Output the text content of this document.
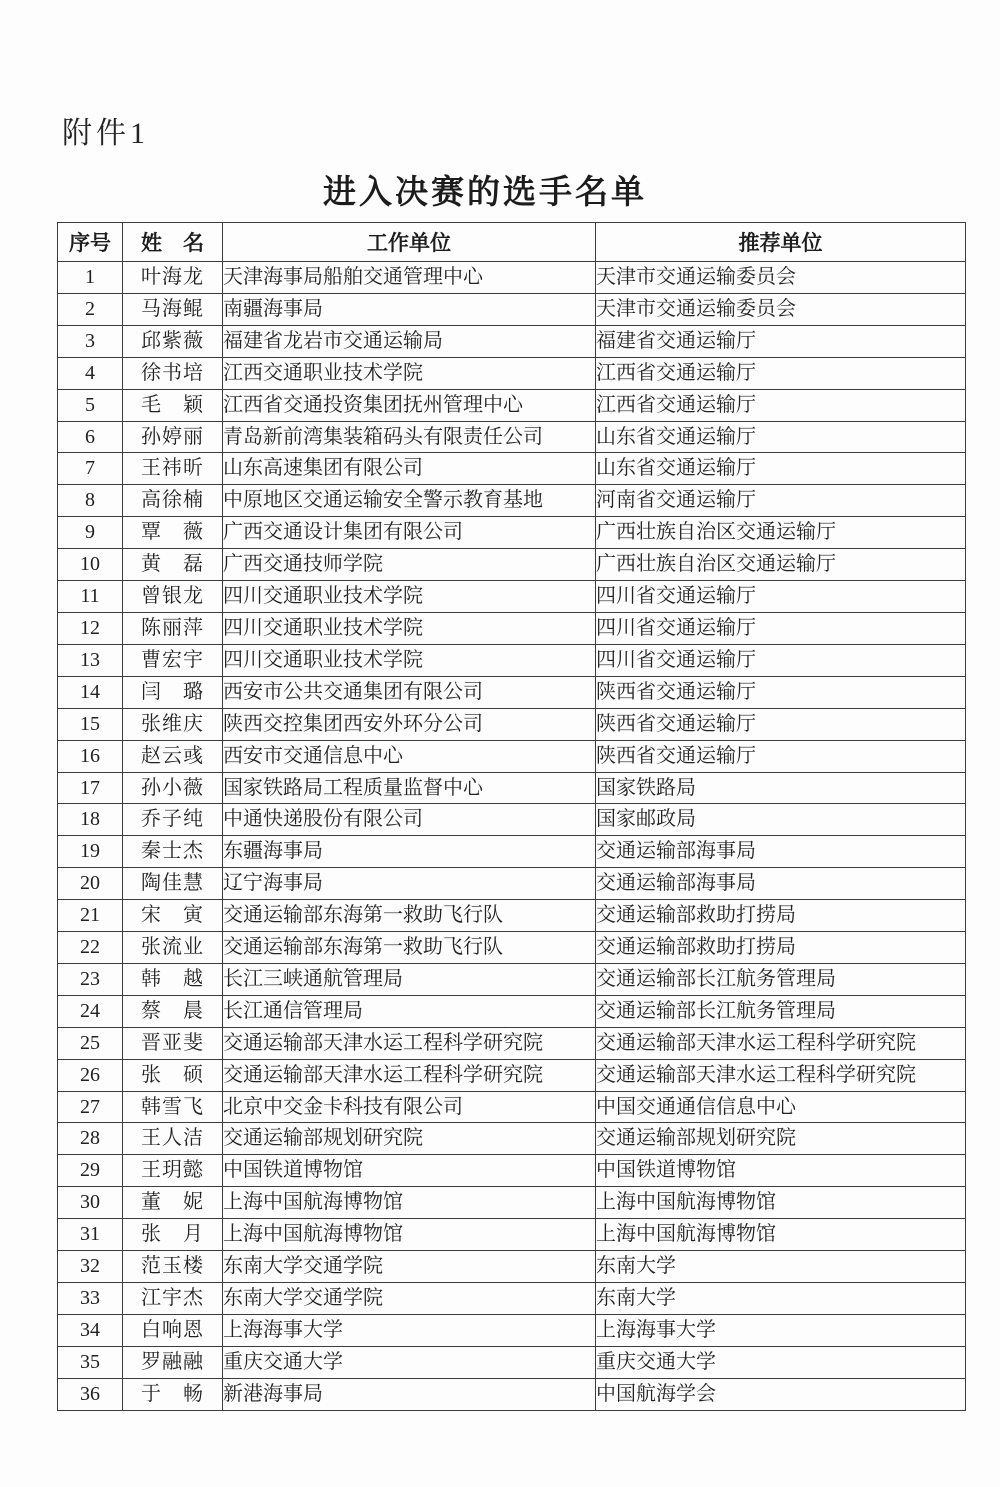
附件1
进入决赛的选手名单
序号	姓　名	工作单位	推荐单位
1	叶海龙	天津海事局船舶交通管理中心	天津市交通运输委员会
2	马海鲲	南疆海事局	天津市交通运输委员会
3	邱紫薇	福建省龙岩市交通运输局	福建省交通运输厅
4	徐书培	江西交通职业技术学院	江西省交通运输厅
5	毛　颖	江西省交通投资集团抚州管理中心	江西省交通运输厅
6	孙婷丽	青岛新前湾集装箱码头有限责任公司	山东省交通运输厅
7	王祎昕	山东高速集团有限公司	山东省交通运输厅
8	高徐楠	中原地区交通运输安全警示教育基地	河南省交通运输厅
9	覃　薇	广西交通设计集团有限公司	广西壮族自治区交通运输厅
10	黄　磊	广西交通技师学院	广西壮族自治区交通运输厅
11	曾银龙	四川交通职业技术学院	四川省交通运输厅
12	陈丽萍	四川交通职业技术学院	四川省交通运输厅
13	曹宏宇	四川交通职业技术学院	四川省交通运输厅
14	闫　璐	西安市公共交通集团有限公司	陕西省交通运输厅
15	张维庆	陕西交控集团西安外环分公司	陕西省交通运输厅
16	赵云彧	西安市交通信息中心	陕西省交通运输厅
17	孙小薇	国家铁路局工程质量监督中心	国家铁路局
18	乔子纯	中通快递股份有限公司	国家邮政局
19	秦士杰	东疆海事局	交通运输部海事局
20	陶佳慧	辽宁海事局	交通运输部海事局
21	宋　寅	交通运输部东海第一救助飞行队	交通运输部救助打捞局
22	张流业	交通运输部东海第一救助飞行队	交通运输部救助打捞局
23	韩　越	长江三峡通航管理局	交通运输部长江航务管理局
24	蔡　晨	长江通信管理局	交通运输部长江航务管理局
25	晋亚斐	交通运输部天津水运工程科学研究院	交通运输部天津水运工程科学研究院
26	张　硕	交通运输部天津水运工程科学研究院	交通运输部天津水运工程科学研究院
27	韩雪飞	北京中交金卡科技有限公司	中国交通通信信息中心
28	王人洁	交通运输部规划研究院	交通运输部规划研究院
29	王玥懿	中国铁道博物馆	中国铁道博物馆
30	董　妮	上海中国航海博物馆	上海中国航海博物馆
31	张　月	上海中国航海博物馆	上海中国航海博物馆
32	范玉楼	东南大学交通学院	东南大学
33	江宇杰	东南大学交通学院	东南大学
34	白响恩	上海海事大学	上海海事大学
35	罗融融	重庆交通大学	重庆交通大学
36	于　畅	新港海事局	中国航海学会
